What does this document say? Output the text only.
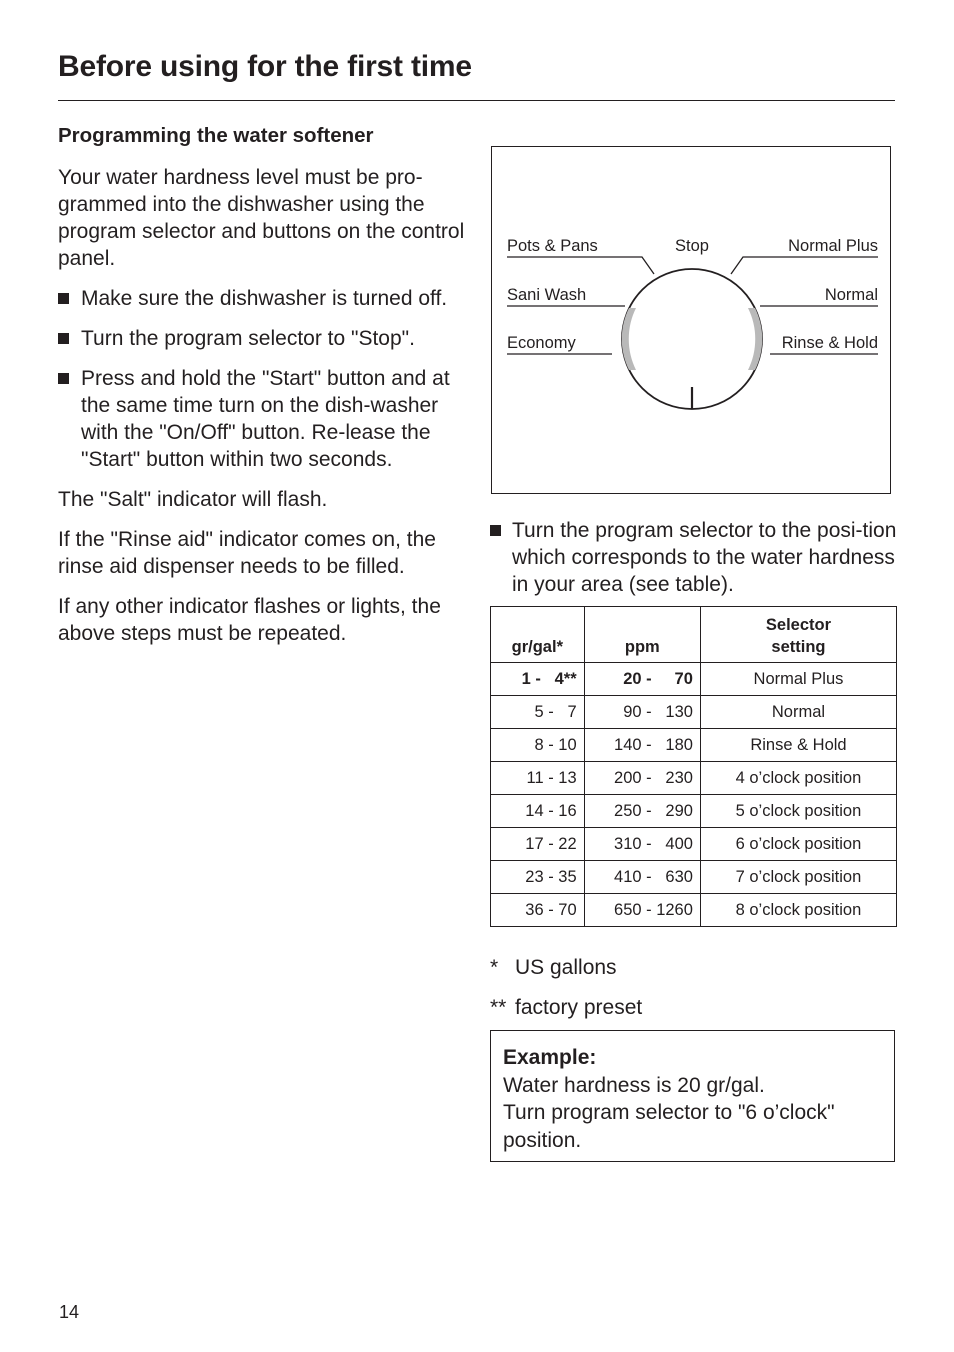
Before using for the first time
Programming the water softener

Your water hardness level must be pro-grammed into the dishwasher using the program selector and buttons on the control panel.

Make sure the dishwasher is turned off.
Turn the program selector to "Stop".
Press and hold the "Start" button and at the same time turn on the dish-washer with the "On/Off" button. Re-lease the "Start" button within two seconds.

The "Salt" indicator will flash.

If the "Rinse aid" indicator comes on, the rinse aid dispenser needs to be filled.

If any other indicator flashes or lights, the above steps must be repeated.

Pots & Pans	Stop	Normal Plus
Sani Wash	Normal
Economy	Rinse & Hold
Turn the program selector to the posi-tion which corresponds to the water hardness in your area (see table).
gr/gal*	ppm	Selector setting
1 -   4**	20 -     70	Normal Plus
5 -   7	90 -   130	Normal
8 - 10	140 -   180	Rinse & Hold
11 - 13	200 -   230	4 o’clock position
14 - 16	250 -   290	5 o’clock position
17 - 22	310 -   400	6 o’clock position
23 - 35	410 -   630	7 o’clock position
36 - 70	650 - 1260	8 o’clock position
* US gallons
** factory preset
Example:
Water hardness is 20 gr/gal.
Turn program selector to "6 o’clock" position.
14
